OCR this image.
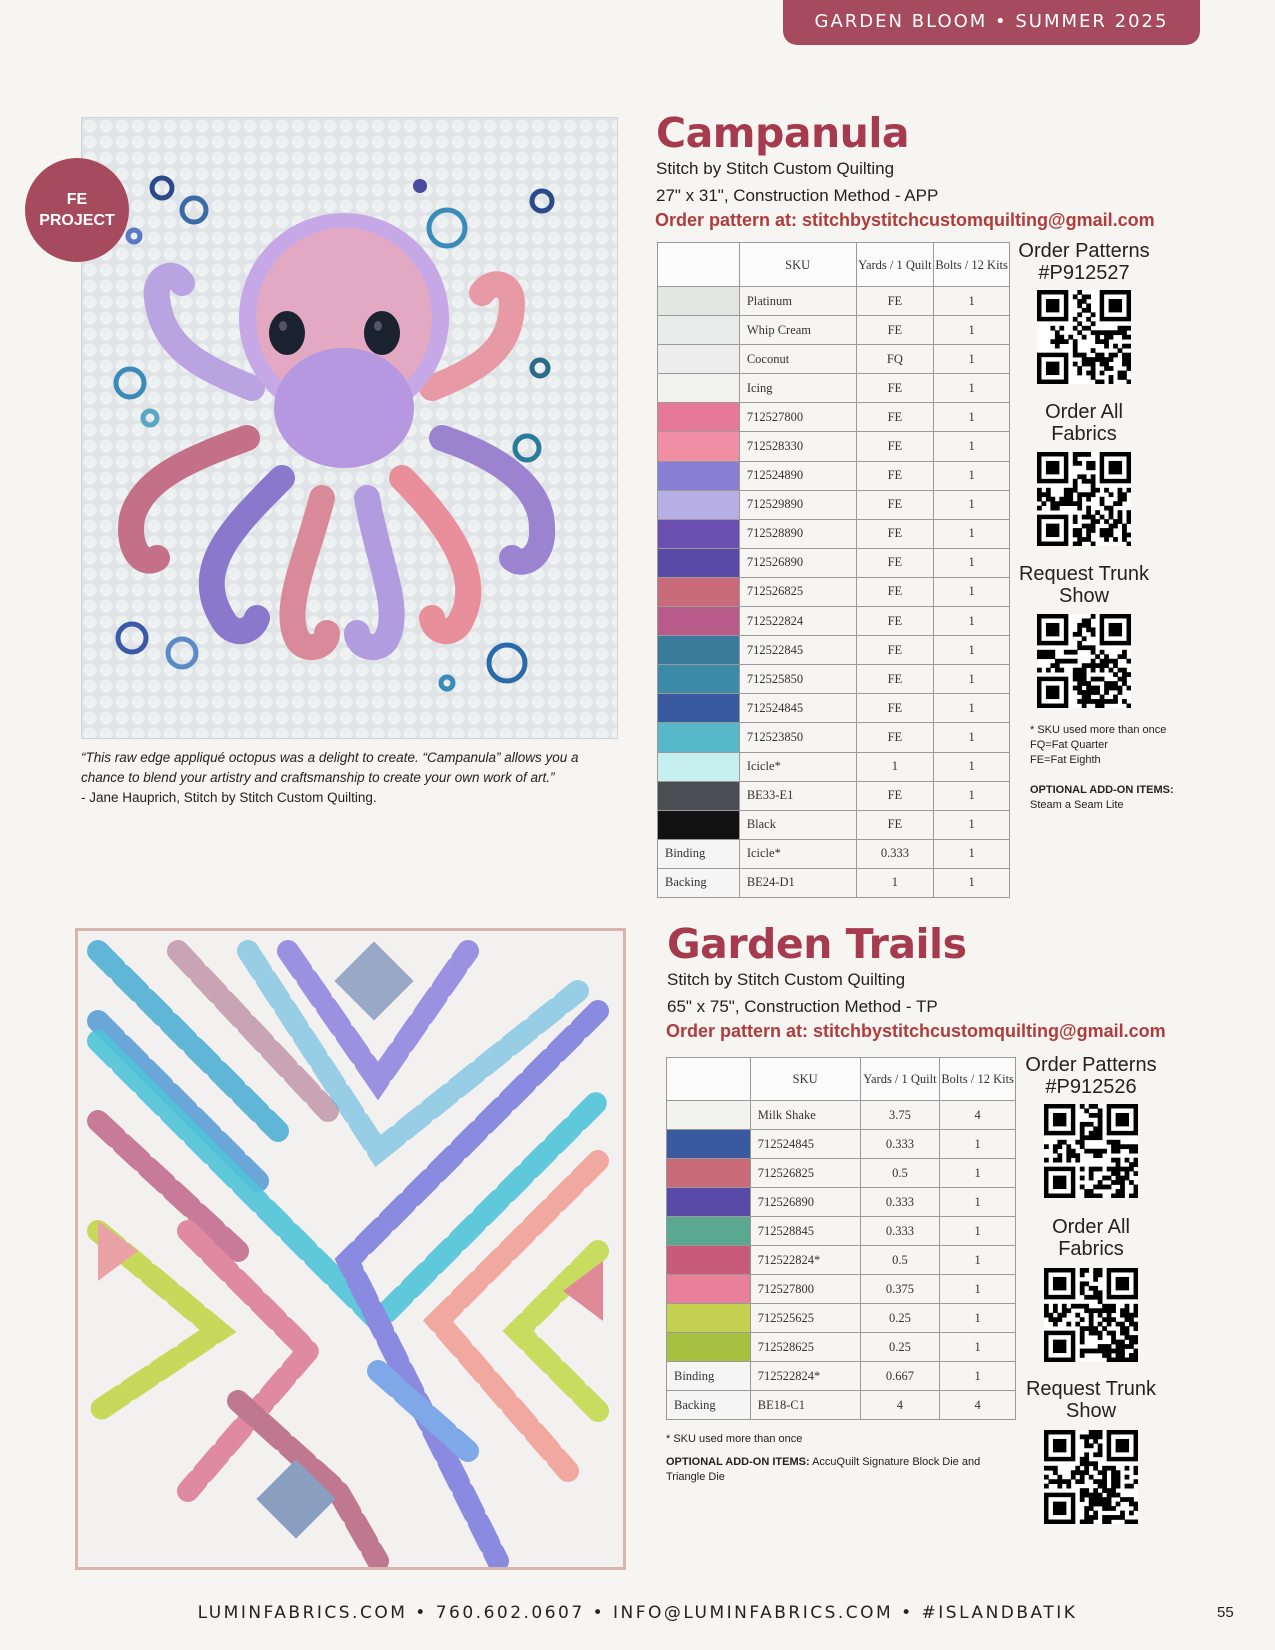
GARDEN BLOOM • SUMMER 2025
FE
PROJECT
“This raw edge appliqué octopus was a delight to create. “Campanula” allows you a chance to blend your artistry and craftsmanship to create your own work of art.”
- Jane Hauprich, Stitch by Stitch Custom Quilting.
Campanula
Stitch by Stitch Custom Quilting
27" x 31", Construction Method - APP
Order pattern at: stitchbystitchcustomquilting@gmail.com
	SKU	Yards / 1 Quilt	Bolts / 12 Kits
	Platinum	FE	1
	Whip Cream	FE	1
	Coconut	FQ	1
	Icing	FE	1
	712527800	FE	1
	712528330	FE	1
	712524890	FE	1
	712529890	FE	1
	712528890	FE	1
	712526890	FE	1
	712526825	FE	1
	712522824	FE	1
	712522845	FE	1
	712525850	FE	1
	712524845	FE	1
	712523850	FE	1
	Icicle*	1	1
	BE33-E1	FE	1
	Black	FE	1
Binding	Icicle*	0.333	1
Backing	BE24-D1	1	1
Order Patterns #P912527
Order All Fabrics
Request Trunk Show
* SKU used more than once
FQ=Fat Quarter
FE=Fat Eighth
OPTIONAL ADD-ON ITEMS:
Steam a Seam Lite
Garden Trails
Stitch by Stitch Custom Quilting
65" x 75", Construction Method - TP
Order pattern at: stitchbystitchcustomquilting@gmail.com
	SKU	Yards / 1 Quilt	Bolts / 12 Kits
	Milk Shake	3.75	4
	712524845	0.333	1
	712526825	0.5	1
	712526890	0.333	1
	712528845	0.333	1
	712522824*	0.5	1
	712527800	0.375	1
	712525625	0.25	1
	712528625	0.25	1
Binding	712522824*	0.667	1
Backing	BE18-C1	4	4
Order Patterns #P912526
Order All Fabrics
Request Trunk Show
* SKU used more than once
OPTIONAL ADD-ON ITEMS: AccuQuilt Signature Block Die and Triangle Die
LUMINFABRICS.COM • 760.602.0607 • INFO@LUMINFABRICS.COM • #ISLANDBATIK	55
